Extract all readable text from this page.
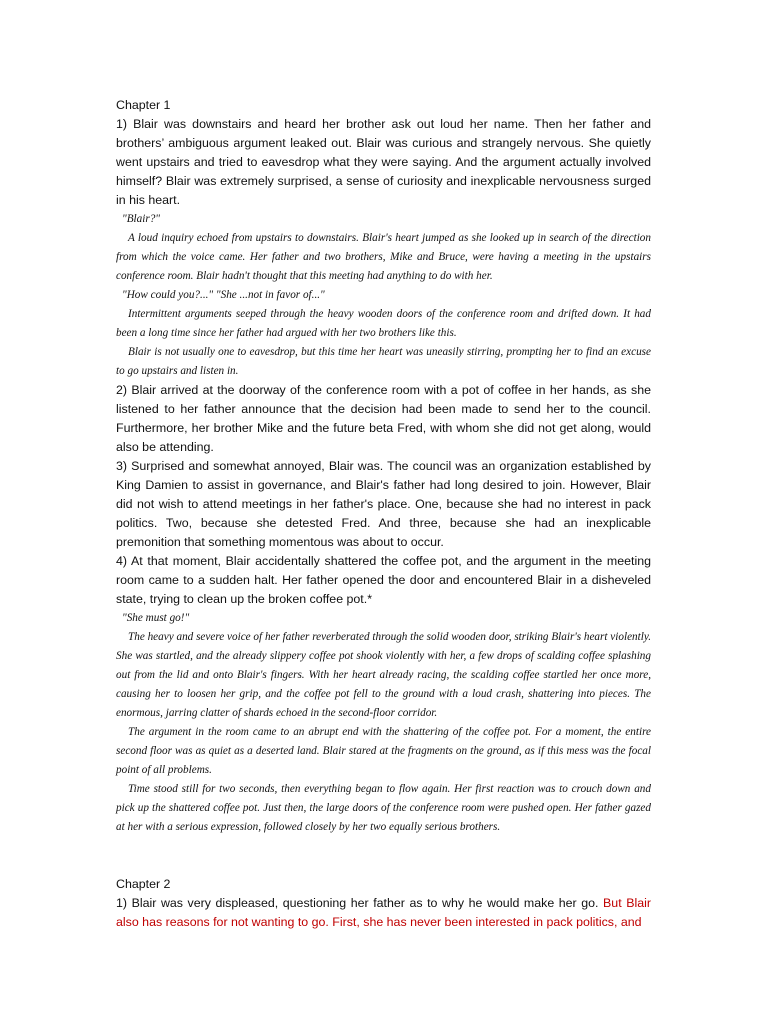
Chapter 1

1) Blair was downstairs and heard her brother ask out loud her name. Then her father and brothers’ ambiguous argument leaked out. Blair was curious and strangely nervous. She quietly went upstairs and tried to eavesdrop what they were saying. And the argument actually involved himself? Blair was extremely surprised, a sense of curiosity and inexplicable nervousness surged in his heart.

"Blair?"

A loud inquiry echoed from upstairs to downstairs. Blair's heart jumped as she looked up in search of the direction from which the voice came. Her father and two brothers, Mike and Bruce, were having a meeting in the upstairs conference room. Blair hadn't thought that this meeting had anything to do with her.

"How could you?..." "She ...not in favor of..."

Intermittent arguments seeped through the heavy wooden doors of the conference room and drifted down. It had been a long time since her father had argued with her two brothers like this.

Blair is not usually one to eavesdrop, but this time her heart was uneasily stirring, prompting her to find an excuse to go upstairs and listen in.

2) Blair arrived at the doorway of the conference room with a pot of coffee in her hands, as she listened to her father announce that the decision had been made to send her to the council. Furthermore, her brother Mike and the future beta Fred, with whom she did not get along, would also be attending.

3) Surprised and somewhat annoyed, Blair was. The council was an organization established by King Damien to assist in governance, and Blair's father had long desired to join. However, Blair did not wish to attend meetings in her father's place. One, because she had no interest in pack politics. Two, because she detested Fred. And three, because she had an inexplicable premonition that something momentous was about to occur.

4) At that moment, Blair accidentally shattered the coffee pot, and the argument in the meeting room came to a sudden halt. Her father opened the door and encountered Blair in a disheveled state, trying to clean up the broken coffee pot.*

"She must go!"

The heavy and severe voice of her father reverberated through the solid wooden door, striking Blair's heart violently. She was startled, and the already slippery coffee pot shook violently with her, a few drops of scalding coffee splashing out from the lid and onto Blair's fingers. With her heart already racing, the scalding coffee startled her once more, causing her to loosen her grip, and the coffee pot fell to the ground with a loud crash, shattering into pieces. The enormous, jarring clatter of shards echoed in the second-floor corridor.

The argument in the room came to an abrupt end with the shattering of the coffee pot. For a moment, the entire second floor was as quiet as a deserted land. Blair stared at the fragments on the ground, as if this mess was the focal point of all problems.

Time stood still for two seconds, then everything began to flow again. Her first reaction was to crouch down and pick up the shattered coffee pot. Just then, the large doors of the conference room were pushed open. Her father gazed at her with a serious expression, followed closely by her two equally serious brothers.

Chapter 2

1) Blair was very displeased, questioning her father as to why he would make her go. But Blair also has reasons for not wanting to go. First, she has never been interested in pack politics, and
